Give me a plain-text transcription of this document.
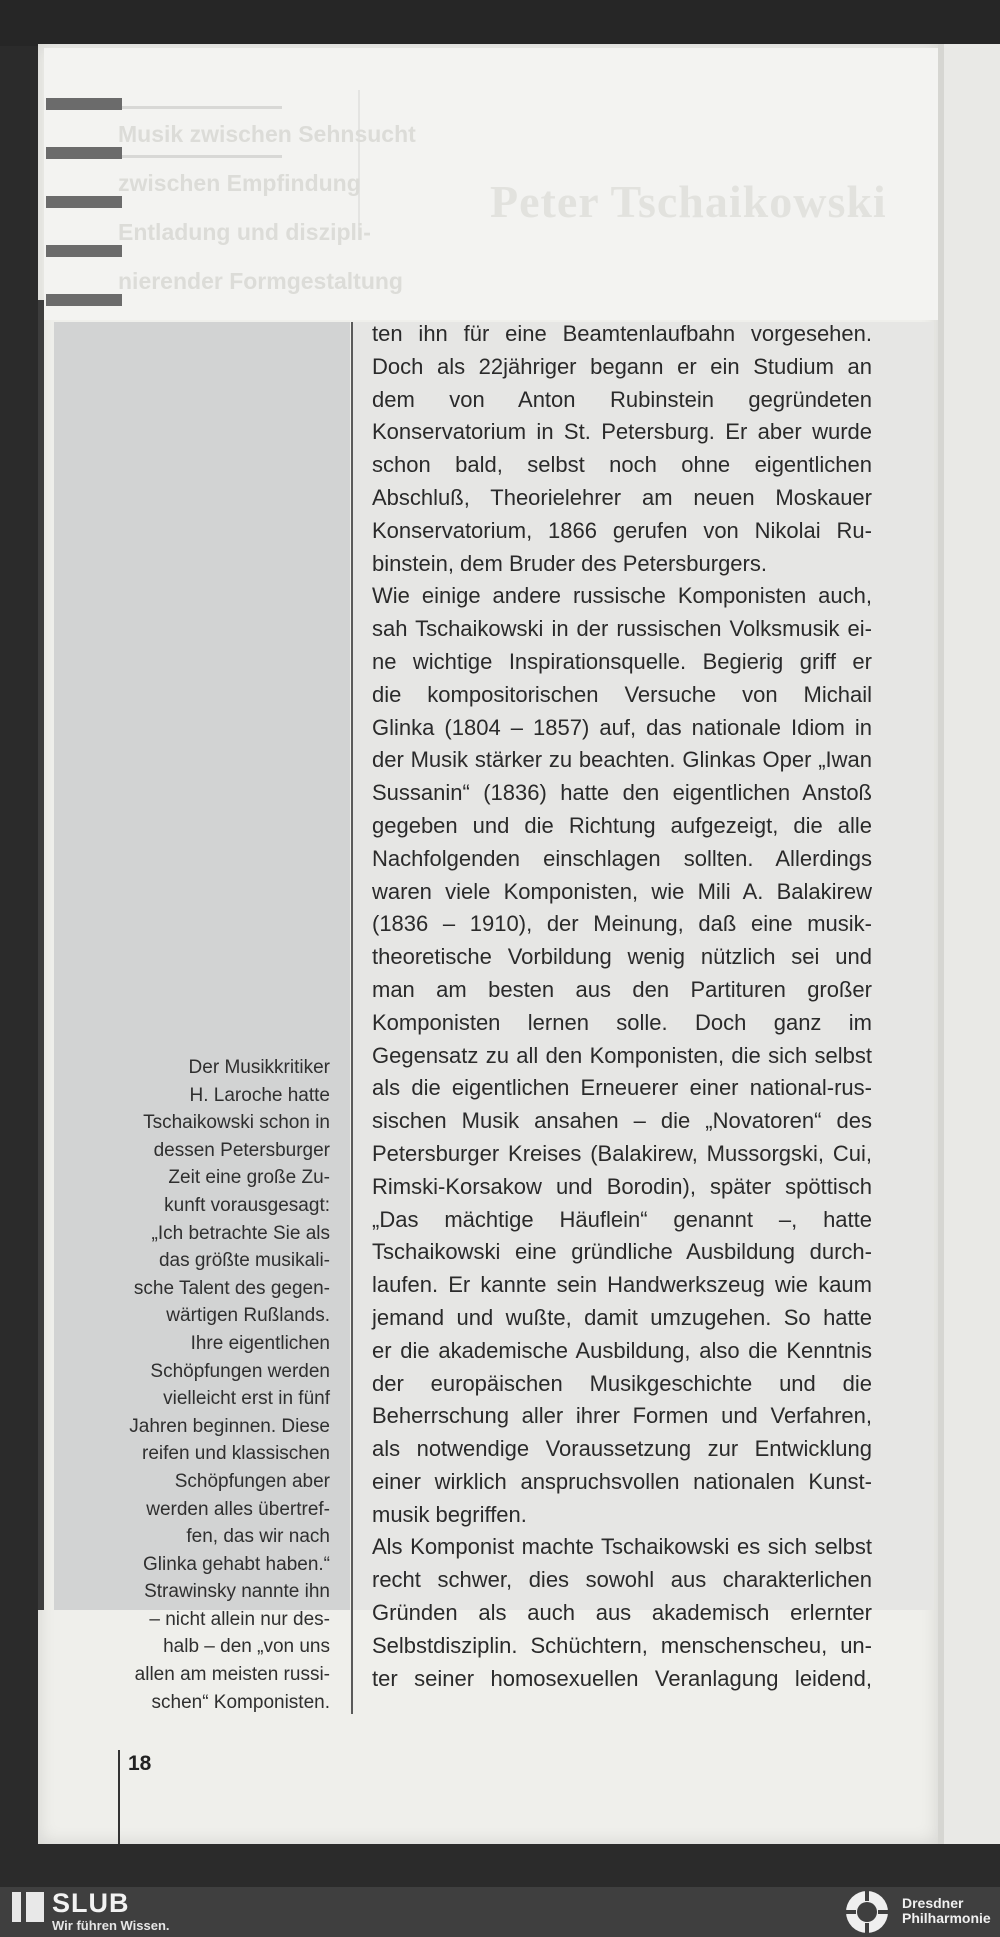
Musik zwischen Sehnsucht
zwischen Empfindung
Entladung und diszipli-
nierender Formgestaltung
Peter Tschaikowski
Der Musikkritiker
H. Laroche hatte
Tschaikowski schon in
dessen Petersburger
Zeit eine große Zu-
kunft vorausgesagt:
„Ich betrachte Sie als
das größte musikali-
sche Talent des gegen-
wärtigen Rußlands.
Ihre eigentlichen
Schöpfungen werden
vielleicht erst in fünf
Jahren beginnen. Diese
reifen und klassischen
Schöpfungen aber
werden alles übertref-
fen, das wir nach
Glinka gehabt haben.“
Strawinsky nannte ihn
– nicht allein nur des-
halb – den „von uns
allen am meisten russi-
schen“ Komponisten.
ten ihn für eine Beamtenlaufbahn vorgesehen.
Doch als 22jähriger begann er ein Studium an
dem von Anton Rubinstein gegründeten
Konservatorium in St. Petersburg. Er aber wurde
schon bald, selbst noch ohne eigentlichen
Abschluß, Theorielehrer am neuen Moskauer
Konservatorium, 1866 gerufen von Nikolai Ru-
binstein, dem Bruder des Petersburgers.
Wie einige andere russische Komponisten auch,
sah Tschaikowski in der russischen Volksmusik ei-
ne wichtige Inspirationsquelle. Begierig griff er
die kompositorischen Versuche von Michail
Glinka (1804 – 1857) auf, das nationale Idiom in
der Musik stärker zu beachten. Glinkas Oper „Iwan
Sussanin“ (1836) hatte den eigentlichen Anstoß
gegeben und die Richtung aufgezeigt, die alle
Nachfolgenden einschlagen sollten. Allerdings
waren viele Komponisten, wie Mili A. Balakirew
(1836 – 1910), der Meinung, daß eine musik-
theoretische Vorbildung wenig nützlich sei und
man am besten aus den Partituren großer
Komponisten lernen solle. Doch ganz im
Gegensatz zu all den Komponisten, die sich selbst
als die eigentlichen Erneuerer einer national-rus-
sischen Musik ansahen – die „Novatoren“ des
Petersburger Kreises (Balakirew, Mussorgski, Cui,
Rimski-Korsakow und Borodin), später spöttisch
„Das mächtige Häuflein“ genannt –, hatte
Tschaikowski eine gründliche Ausbildung durch-
laufen. Er kannte sein Handwerkszeug wie kaum
jemand und wußte, damit umzugehen. So hatte
er die akademische Ausbildung, also die Kenntnis
der europäischen Musikgeschichte und die
Beherrschung aller ihrer Formen und Verfahren,
als notwendige Voraussetzung zur Entwicklung
einer wirklich anspruchsvollen nationalen Kunst-
musik begriffen.
Als Komponist machte Tschaikowski es sich selbst
recht schwer, dies sowohl aus charakterlichen
Gründen als auch aus akademisch erlernter
Selbstdisziplin. Schüchtern, menschenscheu, un-
ter seiner homosexuellen Veranlagung leidend,
18
SLUB
Wir führen Wissen.
Dresdner
Philharmonie
